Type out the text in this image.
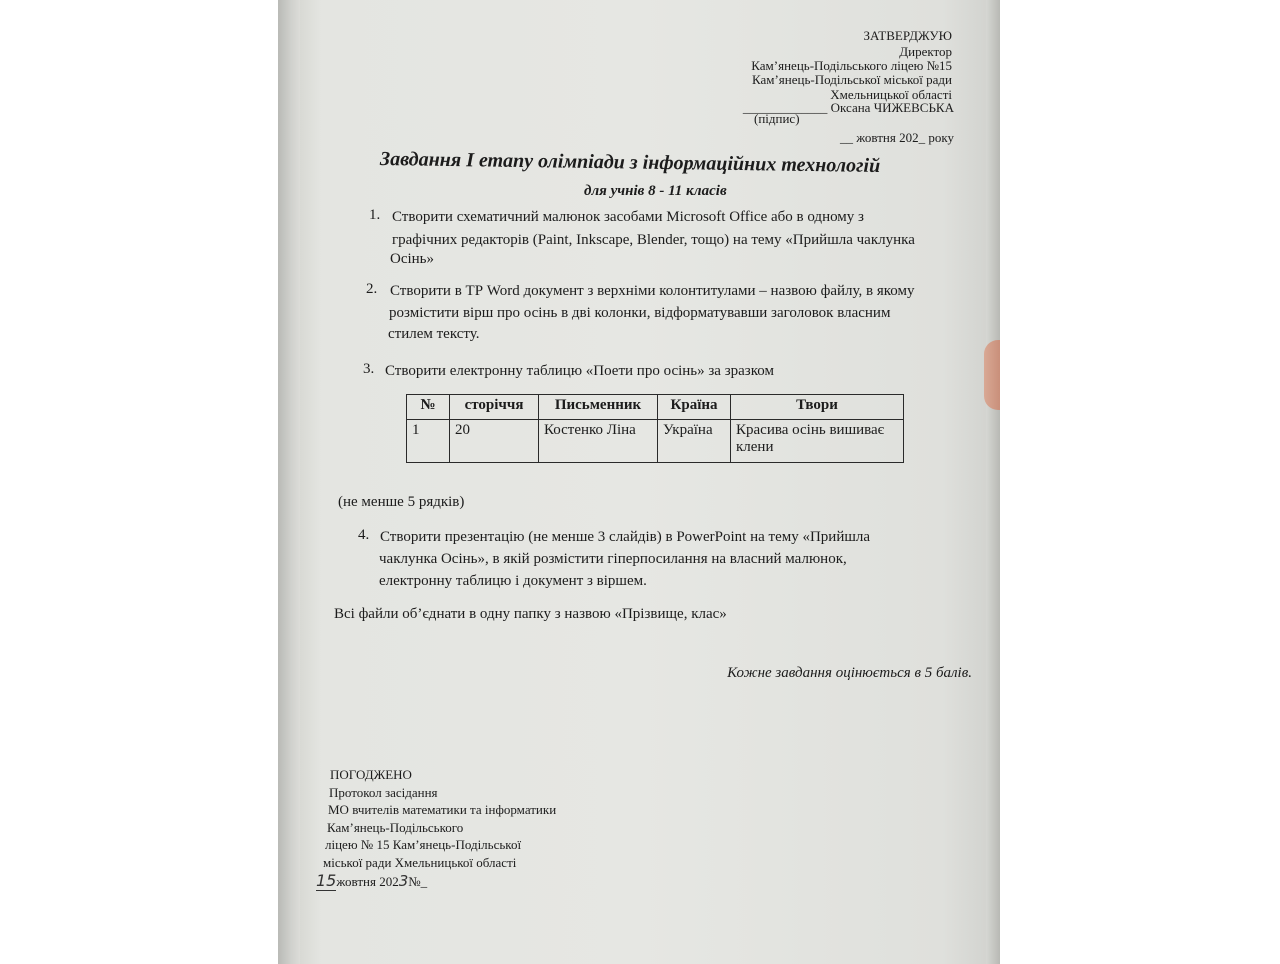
ЗАТВЕРДЖУЮ
Директор
Кам’янець-Подільського ліцею №15
Кам’янець-Подільської міської ради
Хмельницької області
_____________ Оксана ЧИЖЕВСЬКА
(підпис)
__ жовтня 202_ року
Завдання І етапу олімпіади з інформаційних технологій
для учнів 8 - 11 класів
1. Створити схематичний малюнок засобами Microsoft Office або в одному з
графічних редакторів (Paint, Inkscape, Blender, тощо) на тему «Прийшла чаклунка
Осінь»
2. Створити в ТР Word документ з верхніми колонтитулами – назвою файлу, в якому
розмістити вірш про осінь в дві колонки, відформатувавши заголовок власним
стилем тексту.
3. Створити електронну таблицю «Поети про осінь» за зразком
№	сторіччя	Письменник	Країна	Твори
1	20	Костенко Ліна	Україна	Красива осінь вишиває клени
(не менше 5 рядків)
4. Створити презентацію (не менше 3 слайдів) в PowerPoint на тему «Прийшла
чаклунка Осінь», в якій розмістити гіперпосилання на власний малюнок,
електронну таблицю і документ з віршем.
Всі файли об’єднати в одну папку з назвою «Прізвище, клас»
Кожне завдання оцінюється в 5 балів.
ПОГОДЖЕНО
Протокол засідання
МО вчителів математики та інформатики
Кам’янець-Подільського
ліцею № 15 Кам’янець-Подільської
міської ради Хмельницької області
15жовтня 2023№_
